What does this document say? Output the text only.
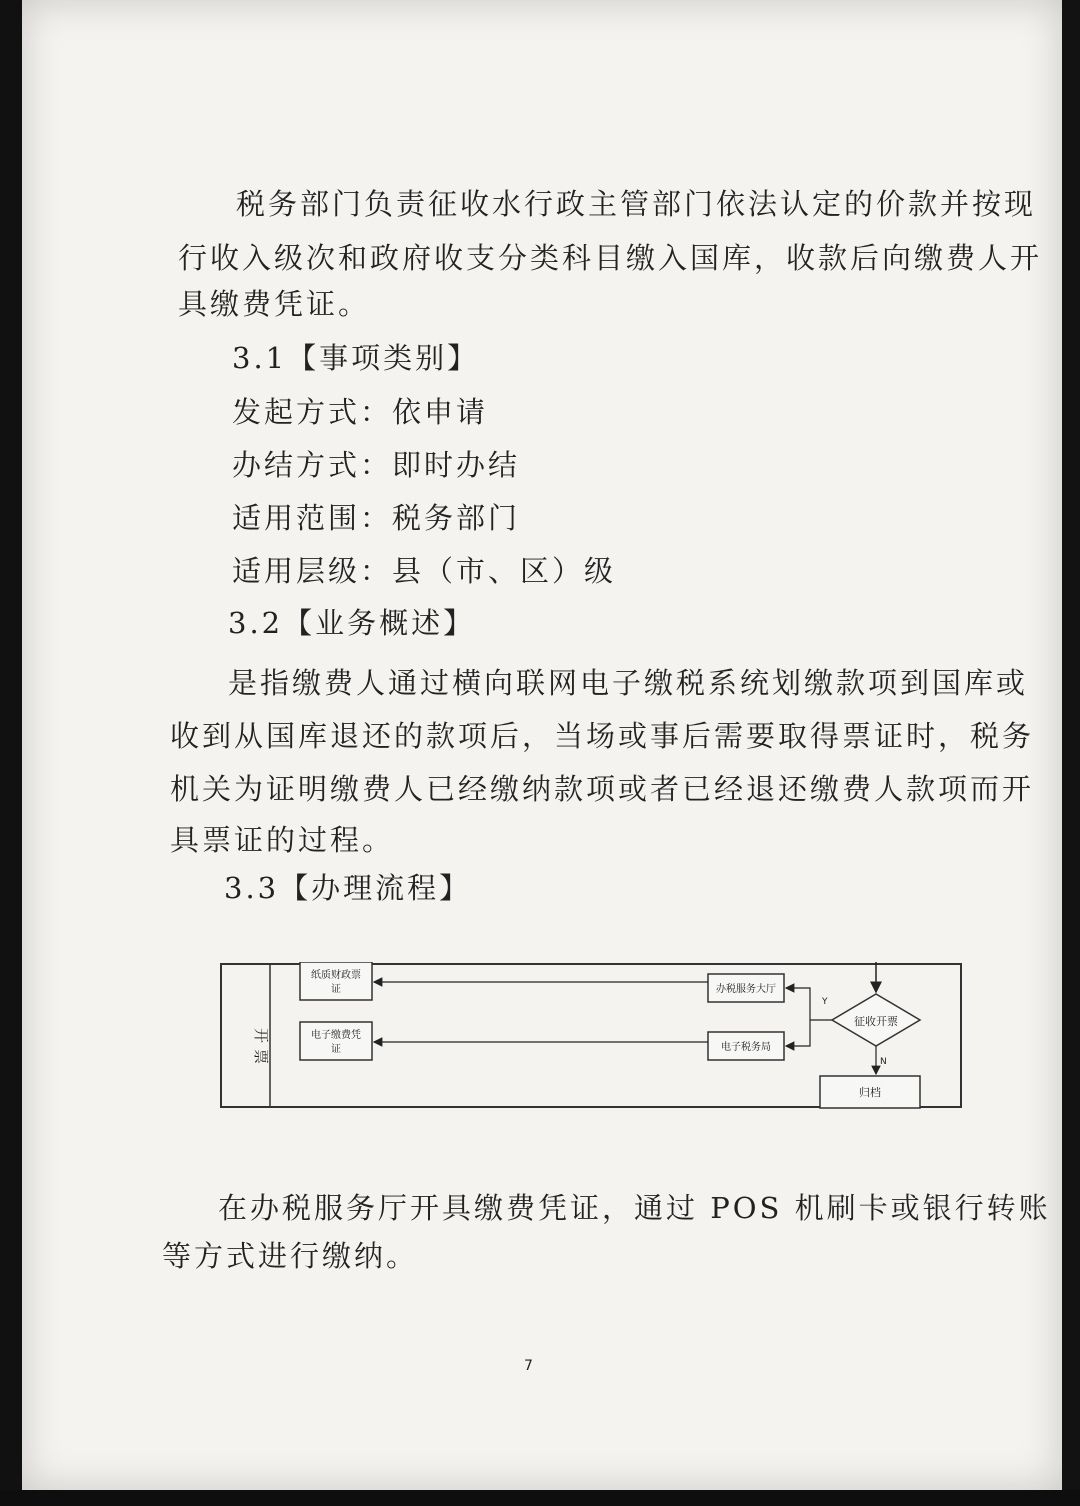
税务部门负责征收水行政主管部门依法认定的价款并按现
行收入级次和政府收支分类科目缴入国库，收款后向缴费人开
具缴费凭证。
3.1【事项类别】
发起方式：依申请
办结方式：即时办结
适用范围：税务部门
适用层级：县（市、区）级
3.2【业务概述】
是指缴费人通过横向联网电子缴税系统划缴款项到国库或
收到从国库退还的款项后，当场或事后需要取得票证时，税务
机关为证明缴费人已经缴纳款项或者已经退还缴费人款项而开
具票证的过程。
3.3【办理流程】
开票
征收开票
Y
N
办税服务大厅
电子税务局
纸质财政票
证
电子缴费凭
证
归档
在办税服务厅开具缴费凭证，通过 POS 机刷卡或银行转账
等方式进行缴纳。
7
